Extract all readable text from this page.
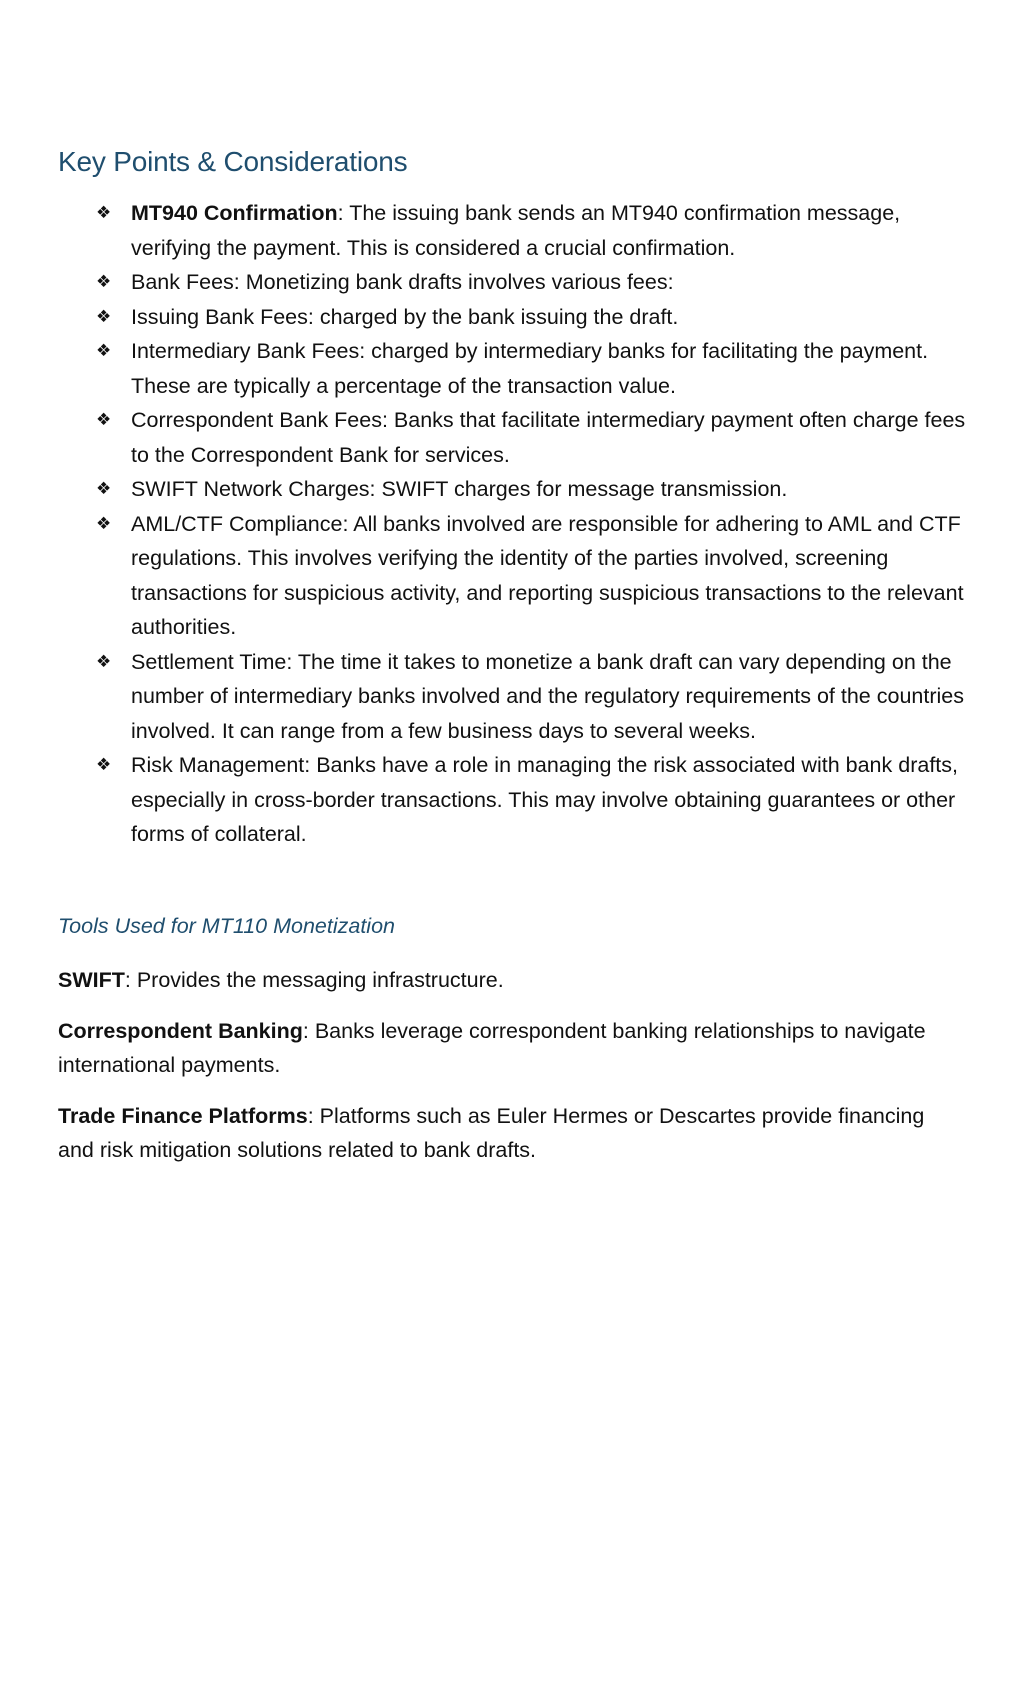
Key Points & Considerations
❖ MT940 Confirmation: The issuing bank sends an MT940 confirmation message, verifying the payment. This is considered a crucial confirmation.
❖ Bank Fees: Monetizing bank drafts involves various fees:
❖ Issuing Bank Fees: charged by the bank issuing the draft.
❖ Intermediary Bank Fees: charged by intermediary banks for facilitating the payment. These are typically a percentage of the transaction value.
❖ Correspondent Bank Fees: Banks that facilitate intermediary payment often charge fees to the Correspondent Bank for services.
❖ SWIFT Network Charges: SWIFT charges for message transmission.
❖ AML/CTF Compliance: All banks involved are responsible for adhering to AML and CTF regulations. This involves verifying the identity of the parties involved, screening transactions for suspicious activity, and reporting suspicious transactions to the relevant authorities.
❖ Settlement Time: The time it takes to monetize a bank draft can vary depending on the number of intermediary banks involved and the regulatory requirements of the countries involved. It can range from a few business days to several weeks.
❖ Risk Management: Banks have a role in managing the risk associated with bank drafts, especially in cross-border transactions. This may involve obtaining guarantees or other forms of collateral.
Tools Used for MT110 Monetization

SWIFT: Provides the messaging infrastructure.

Correspondent Banking: Banks leverage correspondent banking relationships to navigate international payments.

Trade Finance Platforms: Platforms such as Euler Hermes or Descartes provide financing and risk mitigation solutions related to bank drafts.
